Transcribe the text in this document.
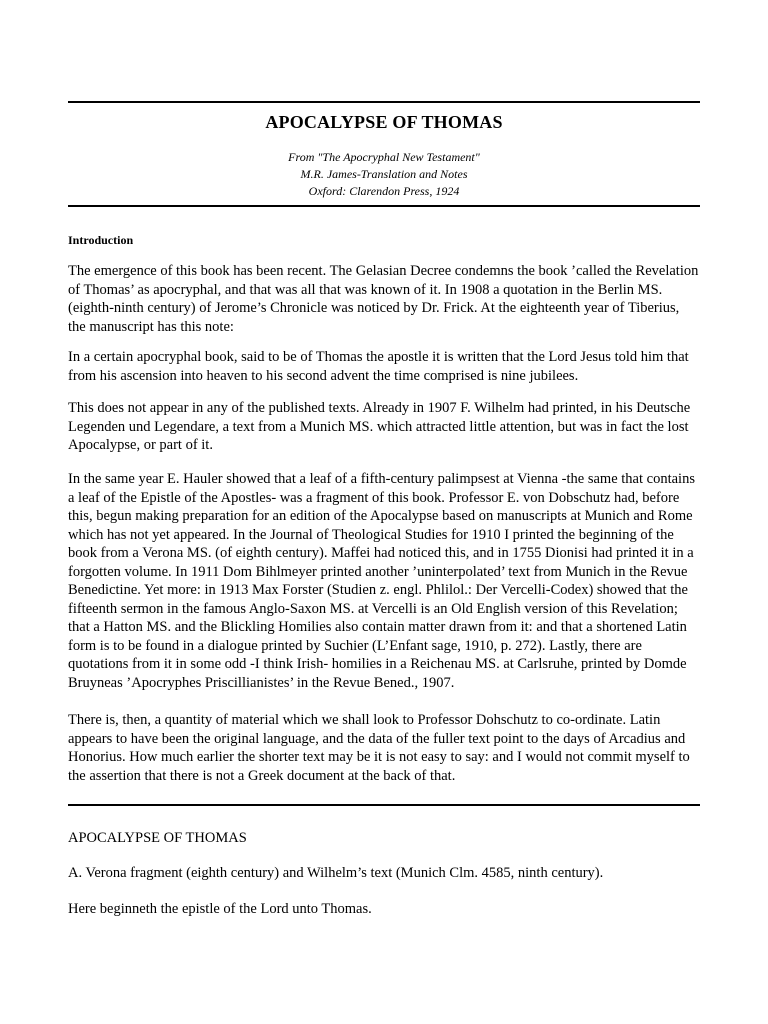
APOCALYPSE OF THOMAS
From "The Apocryphal New Testament"
M.R. James-Translation and Notes
Oxford: Clarendon Press, 1924
Introduction

The emergence of this book has been recent. The Gelasian Decree condemns the book ’called the Revelation of Thomas’ as apocryphal, and that was all that was known of it. In 1908 a quotation in the Berlin MS. (eighth-ninth century) of Jerome’s Chronicle was noticed by Dr. Frick. At the eighteenth year of Tiberius, the manuscript has this note:

In a certain apocryphal book, said to be of Thomas the apostle it is written that the Lord Jesus told him that from his ascension into heaven to his second advent the time comprised is nine jubilees.

This does not appear in any of the published texts. Already in 1907 F. Wilhelm had printed, in his Deutsche Legenden und Legendare, a text from a Munich MS. which attracted little attention, but was in fact the lost Apocalypse, or part of it.

In the same year E. Hauler showed that a leaf of a fifth-century palimpsest at Vienna -the same that contains a leaf of the Epistle of the Apostles- was a fragment of this book. Professor E. von Dobschutz had, before this, begun making preparation for an edition of the Apocalypse based on manuscripts at Munich and Rome which has not yet appeared. In the Journal of Theological Studies for 1910 I printed the beginning of the book from a Verona MS. (of eighth century). Maffei had noticed this, and in 1755 Dionisi had printed it in a forgotten volume. In 1911 Dom Bihlmeyer printed another ’uninterpolated’ text from Munich in the Revue Benedictine. Yet more: in 1913 Max Forster (Studien z. engl. Phlilol.: Der Vercelli-Codex) showed that the fifteenth sermon in the famous Anglo-Saxon MS. at Vercelli is an Old English version of this Revelation; that a Hatton MS. and the Blickling Homilies also contain matter drawn from it: and that a shortened Latin form is to be found in a dialogue printed by Suchier (L’Enfant sage, 1910, p. 272). Lastly, there are quotations from it in some odd -I think Irish- homilies in a Reichenau MS. at Carlsruhe, printed by Domde Bruyneas ’Apocryphes Priscillianistes’ in the Revue Bened., 1907.

There is, then, a quantity of material which we shall look to Professor Dohschutz to co-ordinate. Latin appears to have been the original language, and the data of the fuller text point to the days of Arcadius and Honorius. How much earlier the shorter text may be it is not easy to say: and I would not commit myself to the assertion that there is not a Greek document at the back of that.

APOCALYPSE OF THOMAS

A. Verona fragment (eighth century) and Wilhelm’s text (Munich Clm. 4585, ninth century).

Here beginneth the epistle of the Lord unto Thomas.
